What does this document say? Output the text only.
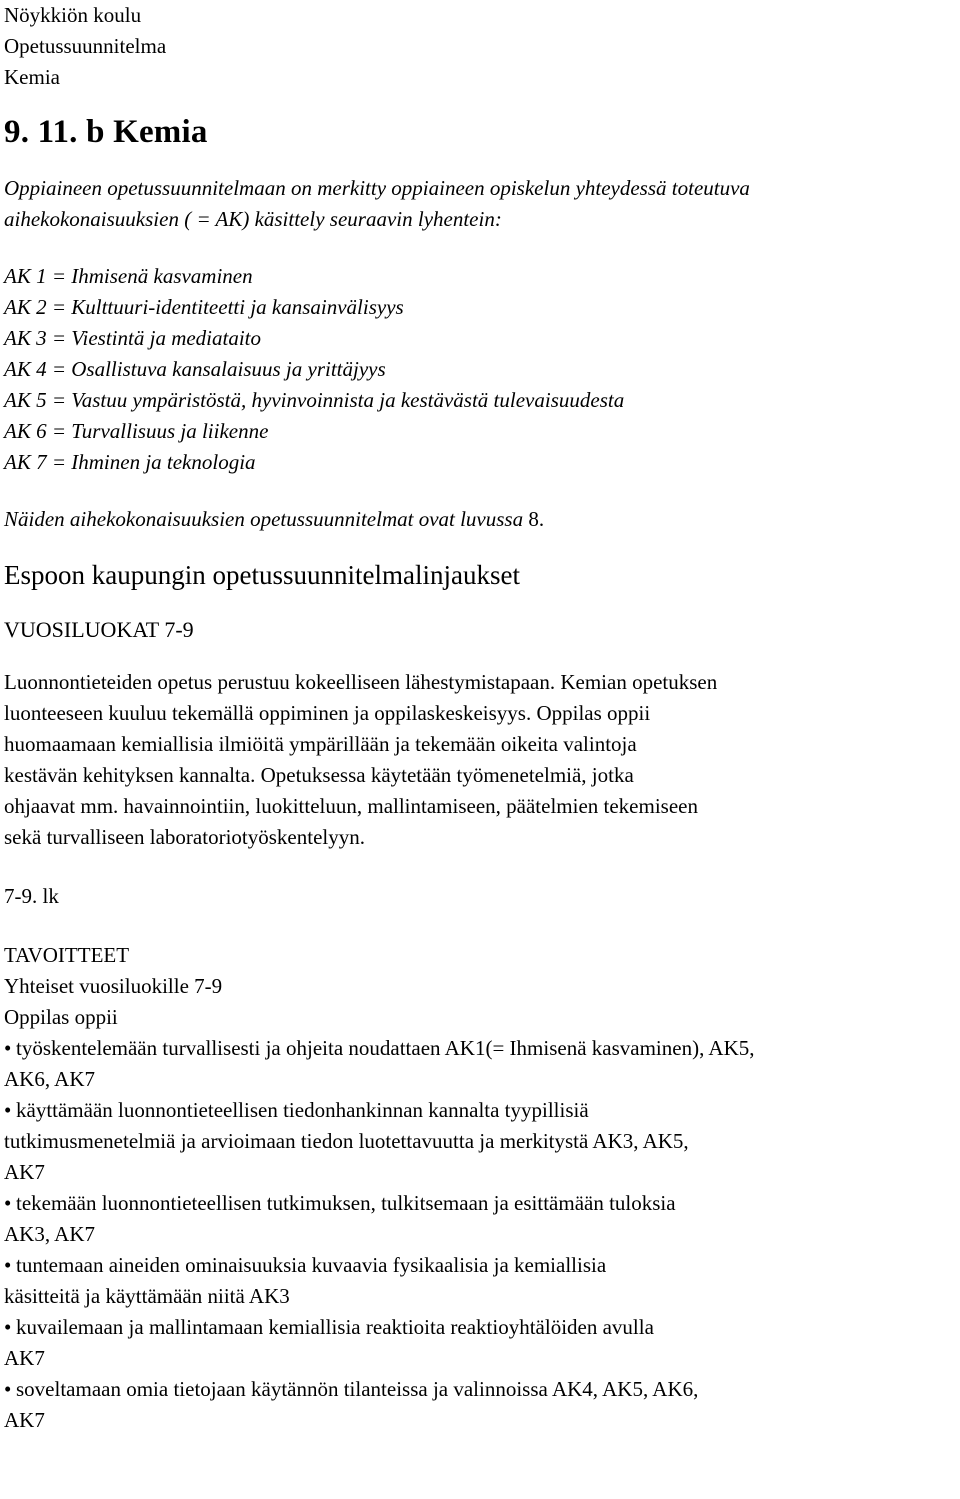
Nöykkiön koulu
Opetussuunnitelma
Kemia
9. 11. b Kemia
Oppiaineen opetussuunnitelmaan on merkitty oppiaineen opiskelun yhteydessä toteutuva
aihekokonaisuuksien ( = AK) käsittely seuraavin lyhentein:
AK 1 = Ihmisenä kasvaminen
AK 2 = Kulttuuri-identiteetti ja kansainvälisyys
AK 3 = Viestintä ja mediataito
AK 4 = Osallistuva kansalaisuus ja yrittäjyys
AK 5 = Vastuu ympäristöstä, hyvinvoinnista ja kestävästä tulevaisuudesta
AK 6 = Turvallisuus ja liikenne
AK 7 = Ihminen ja teknologia
Näiden aihekokonaisuuksien opetussuunnitelmat ovat luvussa 8.
Espoon kaupungin opetussuunnitelmalinjaukset
VUOSILUOKAT 7-9
Luonnontieteiden opetus perustuu kokeelliseen lähestymistapaan. Kemian opetuksen
luonteeseen kuuluu tekemällä oppiminen ja oppilaskeskeisyys. Oppilas oppii
huomaamaan kemiallisia ilmiöitä ympärillään ja tekemään oikeita valintoja
kestävän kehityksen kannalta. Opetuksessa käytetään työmenetelmiä, jotka
ohjaavat mm. havainnointiin, luokitteluun, mallintamiseen, päätelmien tekemiseen
sekä turvalliseen laboratoriotyöskentelyyn.
7-9. lk
TAVOITTEET
Yhteiset vuosiluokille 7-9
Oppilas oppii
• työskentelemään turvallisesti ja ohjeita noudattaen AK1(= Ihmisenä kasvaminen), AK5,
AK6, AK7
• käyttämään luonnontieteellisen tiedonhankinnan kannalta tyypillisiä
tutkimusmenetelmiä ja arvioimaan tiedon luotettavuutta ja merkitystä AK3, AK5,
AK7
• tekemään luonnontieteellisen tutkimuksen, tulkitsemaan ja esittämään tuloksia
AK3, AK7
• tuntemaan aineiden ominaisuuksia kuvaavia fysikaalisia ja kemiallisia
käsitteitä ja käyttämään niitä AK3
• kuvailemaan ja mallintamaan kemiallisia reaktioita reaktioyhtälöiden avulla
AK7
• soveltamaan omia tietojaan käytännön tilanteissa ja valinnoissa AK4, AK5, AK6,
AK7
